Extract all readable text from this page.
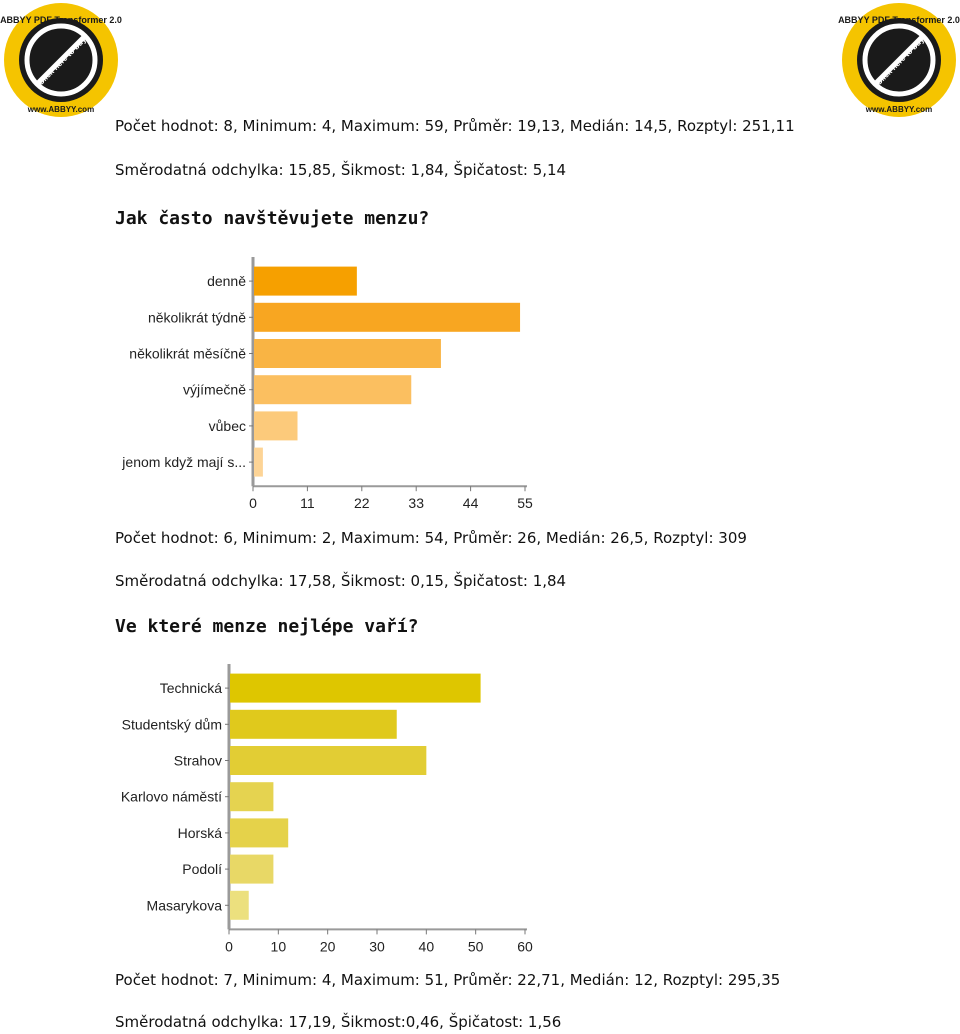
ABBYY PDF Transformer 2.0
Click here to buy
www.ABBYY.com
ABBYY PDF Transformer 2.0
Click here to buy
www.ABBYY.com

Počet hodnot: 8, Minimum: 4, Maximum: 59, Průměr: 19,13, Medián: 14,5, Rozptyl: 251,11

Směrodatná odchylka: 15,85, Šikmost: 1,84, Špičatost: 5,14

Jak často navštěvujete menzu?

denně
několikrát týdně
několikrát měsíčně
výjímečně
vůbec
jenom když mají s...
0	11	22	33	44	55

Počet hodnot: 6, Minimum: 2, Maximum: 54, Průměr: 26, Medián: 26,5, Rozptyl: 309

Směrodatná odchylka: 17,58, Šikmost: 0,15, Špičatost: 1,84

Ve které menze nejlépe vaří?

Technická
Studentský dům
Strahov
Karlovo náměstí
Horská
Podolí
Masarykova
0	10 20 30 40 50 60

Počet hodnot: 7, Minimum: 4, Maximum: 51, Průměr: 22,71, Medián: 12, Rozptyl: 295,35

Směrodatná odchylka: 17,19, Šikmost:0,46, Špičatost: 1,56
